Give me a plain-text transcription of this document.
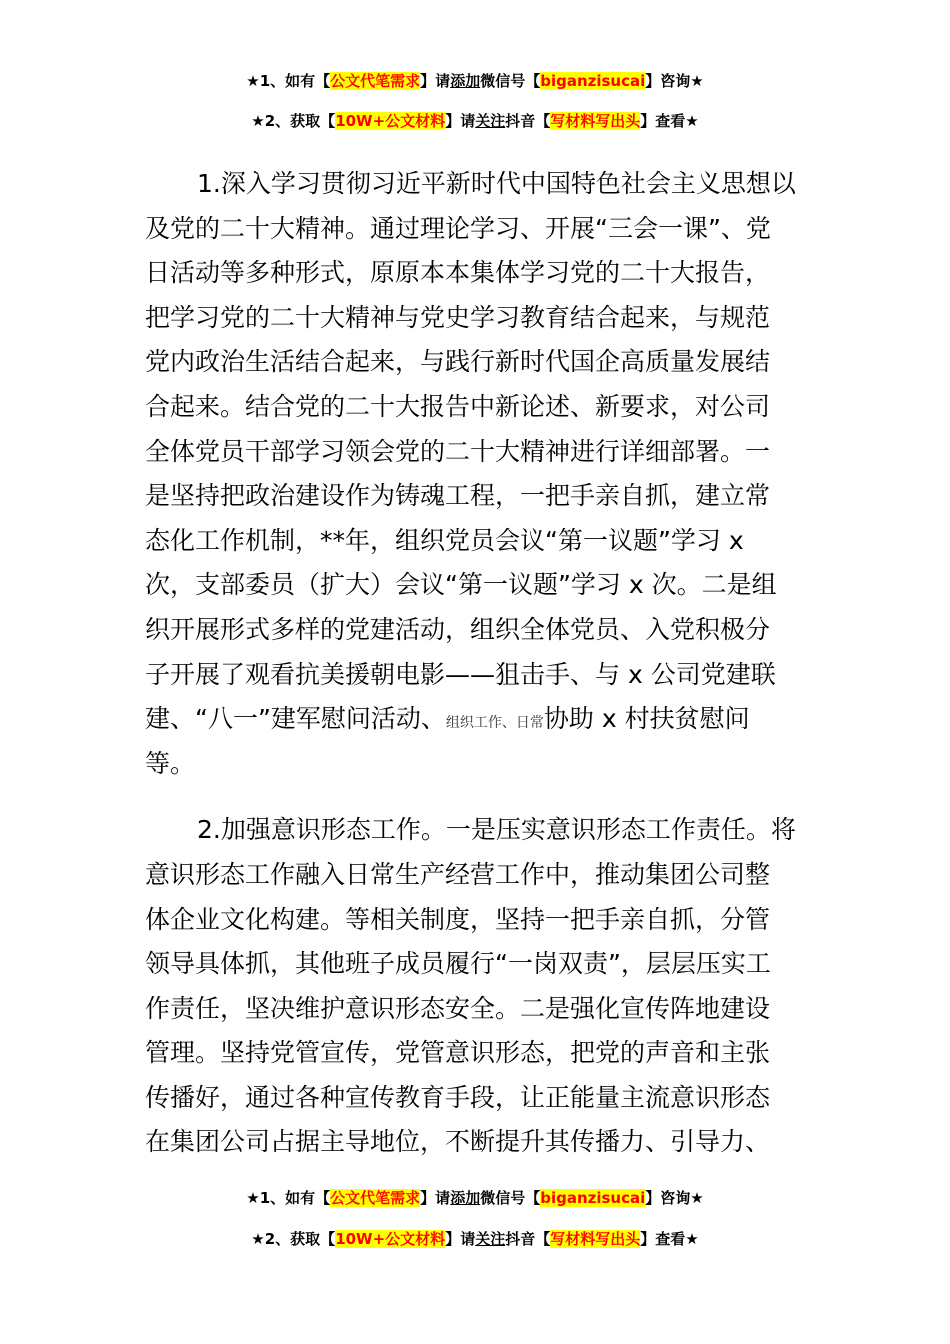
★1、如有【公文代笔需求】请添加微信号【biganzisucai】咨询★
★2、获取【10W+公文材料】请关注抖音【写材料写出头】查看★
1.深入学习贯彻习近平新时代中国特色社会主义思想以
及党的二十大精神。通过理论学习、开展“三会一课”、党
日活动等多种形式，原原本本集体学习党的二十大报告，
把学习党的二十大精神与党史学习教育结合起来，与规范
党内政治生活结合起来，与践行新时代国企高质量发展结
合起来。结合党的二十大报告中新论述、新要求，对公司
全体党员干部学习领会党的二十大精神进行详细部署。一
是坚持把政治建设作为铸魂工程，一把手亲自抓，建立常
态化工作机制，**年，组织党员会议“第一议题”学习 x
次，支部委员（扩大）会议“第一议题”学习 x 次。二是组
织开展形式多样的党建活动，组织全体党员、入党积极分
子开展了观看抗美援朝电影——狙击手、与 x 公司党建联
建、“八一”建军慰问活动、组织工作、日常协助 x 村扶贫慰问
等。
2.加强意识形态工作。一是压实意识形态工作责任。将
意识形态工作融入日常生产经营工作中，推动集团公司整
体企业文化构建。等相关制度，坚持一把手亲自抓，分管
领导具体抓，其他班子成员履行“一岗双责”，层层压实工
作责任，坚决维护意识形态安全。二是强化宣传阵地建设
管理。坚持党管宣传，党管意识形态，把党的声音和主张
传播好，通过各种宣传教育手段，让正能量主流意识形态
在集团公司占据主导地位，不断提升其传播力、引导力、
★1、如有【公文代笔需求】请添加微信号【biganzisucai】咨询★
★2、获取【10W+公文材料】请关注抖音【写材料写出头】查看★
